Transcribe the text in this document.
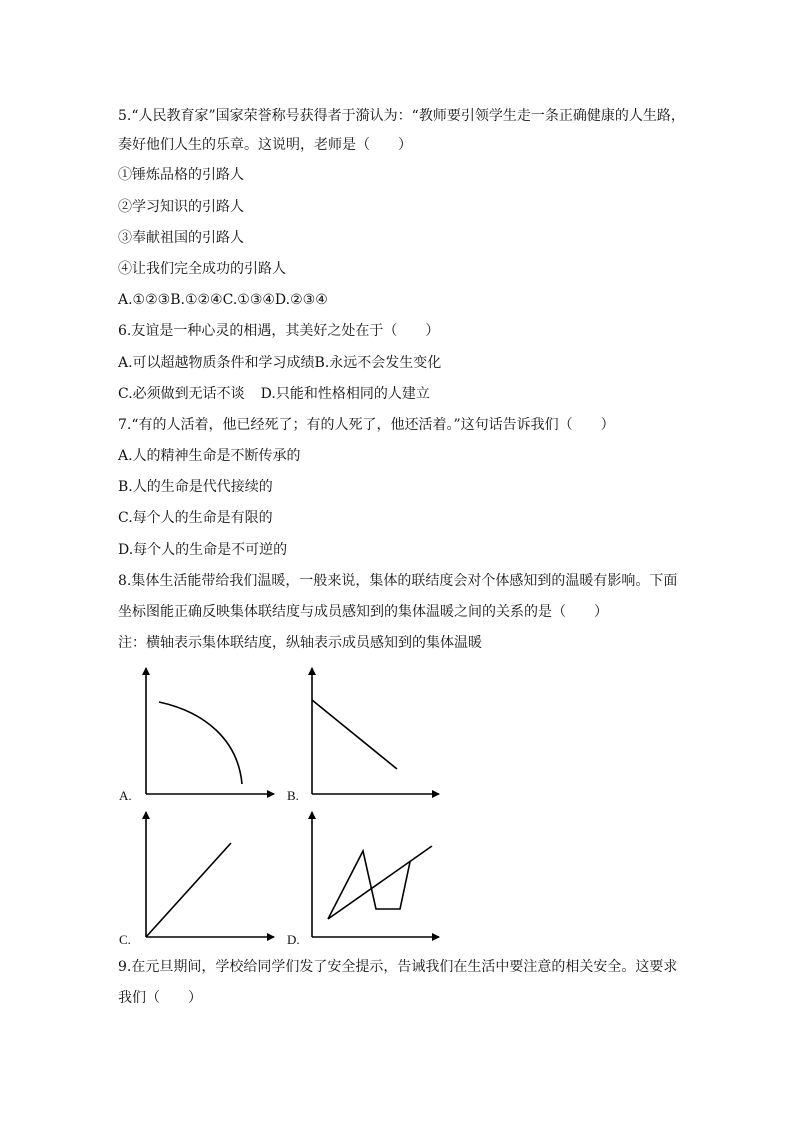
5.“人民教育家”国家荣誉称号获得者于漪认为：“教师要引领学生走一条正确健康的人生路，
奏好他们人生的乐章。这说明，老师是（　　）
①锤炼品格的引路人
②学习知识的引路人
③奉献祖国的引路人
④让我们完全成功的引路人
A.①②③B.①②④C.①③④D.②③④
6.友谊是一种心灵的相遇，其美好之处在于（　　）
A.可以超越物质条件和学习成绩B.永远不会发生变化
C.必须做到无话不谈 D.只能和性格相同的人建立
7.“有的人活着，他已经死了；有的人死了，他还活着。”这句话告诉我们（　　）
A.人的精神生命是不断传承的
B.人的生命是代代接续的
C.每个人的生命是有限的
D.每个人的生命是不可逆的
8.集体生活能带给我们温暖，一般来说，集体的联结度会对个体感知到的温暖有影响。下面
坐标图能正确反映集体联结度与成员感知到的集体温暖之间的关系的是（　　）
注：横轴表示集体联结度，纵轴表示成员感知到的集体温暖
A.	B.
C.	D.
9.在元旦期间，学校给同学们发了安全提示，告诫我们在生活中要注意的相关安全。这要求
我们（　　）
